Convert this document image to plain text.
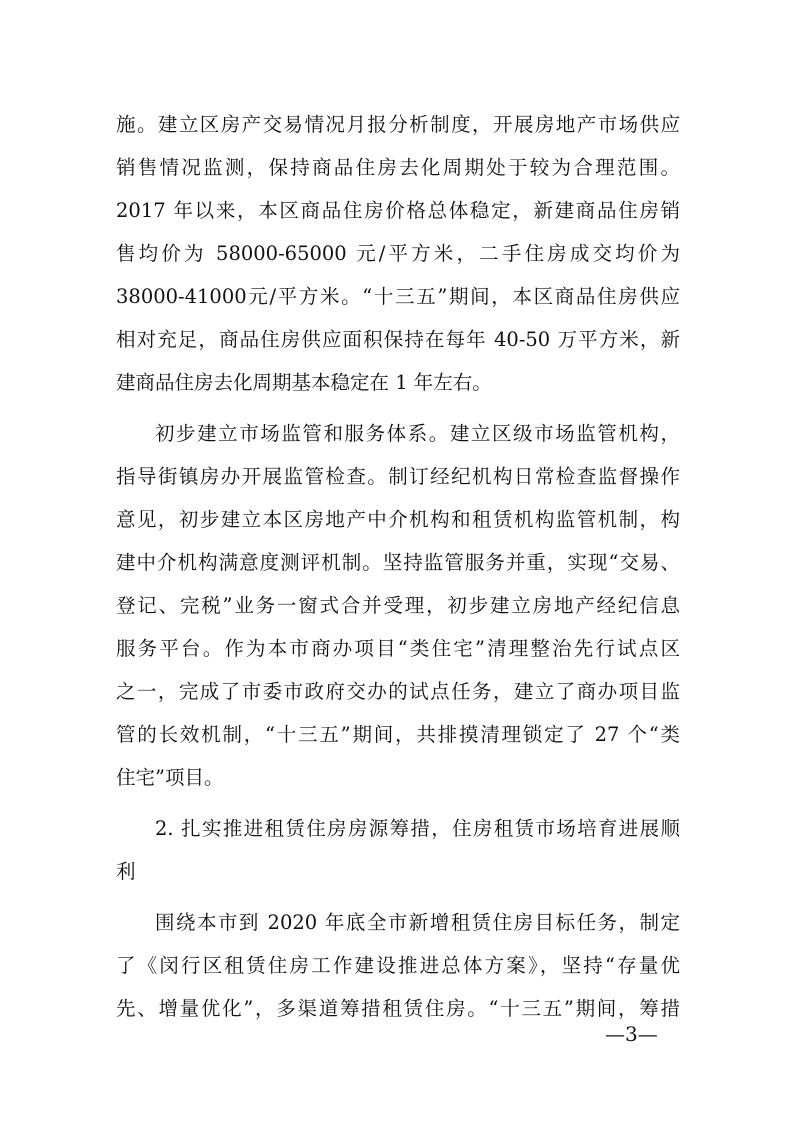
施。建立区房产交易情况月报分析制度，开展房地产市场供应
销售情况监测，保持商品住房去化周期处于较为合理范围。
2017 年以来，本区商品住房价格总体稳定，新建商品住房销
售均价为 58000-65000 元/平方米，二手住房成交均价为
38000-41000元/平方米。“十三五”期间，本区商品住房供应
相对充足，商品住房供应面积保持在每年 40-50 万平方米，新
建商品住房去化周期基本稳定在 1 年左右。
初步建立市场监管和服务体系。建立区级市场监管机构，
指导街镇房办开展监管检查。制订经纪机构日常检查监督操作
意见，初步建立本区房地产中介机构和租赁机构监管机制，构
建中介机构满意度测评机制。坚持监管服务并重，实现“交易、
登记、完税”业务一窗式合并受理，初步建立房地产经纪信息
服务平台。作为本市商办项目“类住宅”清理整治先行试点区
之一，完成了市委市政府交办的试点任务，建立了商办项目监
管的长效机制，“十三五”期间，共排摸清理锁定了 27 个“类
住宅”项目。
2. 扎实推进租赁住房房源筹措，住房租赁市场培育进展顺
利
围绕本市到 2020 年底全市新增租赁住房目标任务，制定
了《闵行区租赁住房工作建设推进总体方案》，坚持“存量优
先、增量优化”，多渠道筹措租赁住房。“十三五”期间，筹措
—3—
